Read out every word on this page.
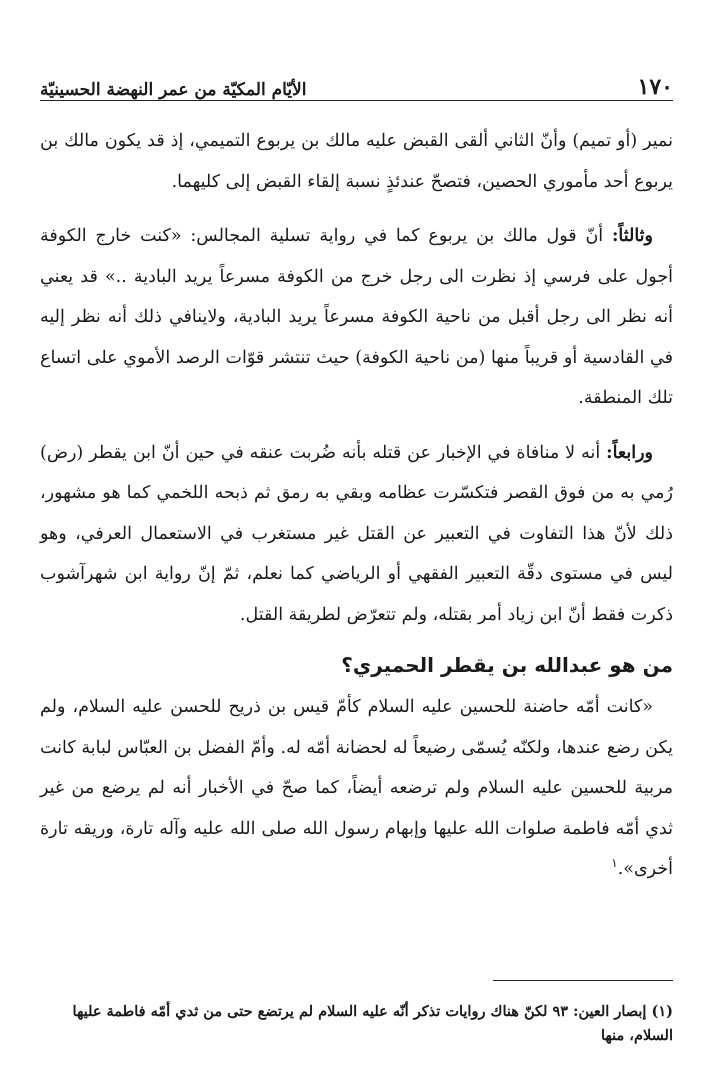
١٧٠
الأيّام المكيّة من عمر النهضة الحسينيّة

نمير (أو تميم) وأنّ الثاني ألقى القبض عليه مالك بن يربوع التميمي، إذ قد يكون مالك بن يربوع أحد مأموري الحصين، فتصحّ عندئذٍ نسبة إلقاء القبض إلى كليهما.

وثالثاً: أنّ قول مالك بن يربوع كما في رواية تسلية المجالس: «كنت خارج الكوفة أجول على فرسي إذ نظرت الى رجل خرج من الكوفة مسرعاً يريد البادية ..» قد يعني أنه نظر الى رجل أقبل من ناحية الكوفة مسرعاً يريد البادية، ولاينافي ذلك أنه نظر إليه في القادسية أو قريباً منها (من ناحية الكوفة) حيث تنتشر قوّات الرصد الأموي على اتساع تلك المنطقة.

ورابعاً: أنه لا منافاة في الإخبار عن قتله بأنه ضُربت عنقه في حين أنّ ابن يقطر (رض) رُمي به من فوق القصر فتكسّرت عظامه وبقي به رمق ثم ذبحه اللخمي كما هو مشهور، ذلك لأنّ هذا التفاوت في التعبير عن القتل غير مستغرب في الاستعمال العرفي، وهو ليس في مستوى دقّة التعبير الفقهي أو الرياضي كما نعلم، ثمّ إنّ رواية ابن شهرآشوب ذكرت فقط أنّ ابن زياد أمر بقتله، ولم تتعرّض لطريقة القتل.

من هو عبدالله بن يقطر الحميري؟

«كانت أمّه حاضنة للحسين عليه السلام كأمّ قيس بن ذريح للحسن عليه السلام، ولم يكن رضع عندها، ولكنّه يُسمّى رضيعاً له لحضانة أمّه له. وأمّ الفضل بن العبّاس لبابة كانت مربية للحسين عليه السلام ولم ترضعه أيضاً، كما صحّ في الأخبار أنه لم يرضع من غير ثدي أمّه فاطمة صلوات الله عليها وإبهام رسول الله صلى الله عليه وآله تارة، وريقه تارة أخرى».$^١$

(١) إبصار العين: ٩٣ لكنّ هناك روايات تذكر أنّه عليه السلام لم يرتضع حتى من ثدي أمّه فاطمة عليها السلام، منها
